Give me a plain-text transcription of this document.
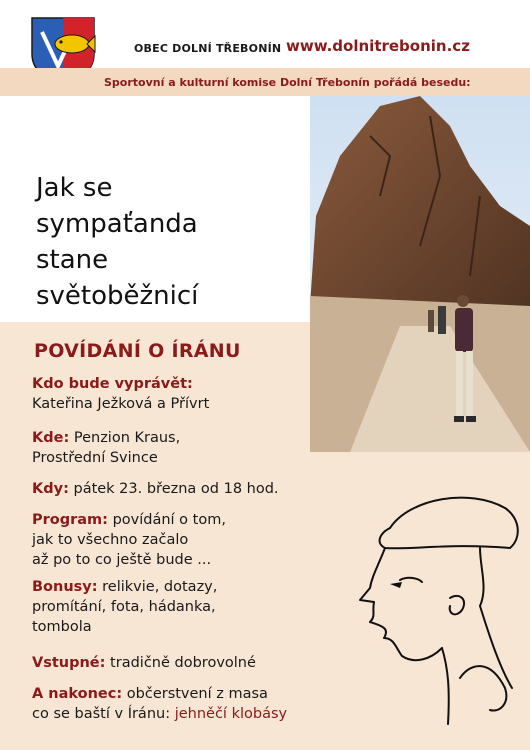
OBEC DOLNÍ TŘEBONÍN www.dolnitrebonin.cz
Sportovní a kulturní komise Dolní Třebonín pořádá besedu:
Jak se
sympaťanda
stane
světoběžnicí
POVÍDÁNÍ O ÍRÁNU
Kdo bude vyprávět:
Kateřina Ježková a Přívrt
Kde: Penzion Kraus,
Prostřední Svince
Kdy: pátek 23. března od 18 hod.
Program: povídání o tom,
jak to všechno začalo
až po to co ještě bude ...
Bonusy: relikvie, dotazy,
promítání, fota, hádanka,
tombola
Vstupné: tradičně dobrovolné
A nakonec: občerstvení z masa
co se baští v Íránu: jehněčí klobásy
